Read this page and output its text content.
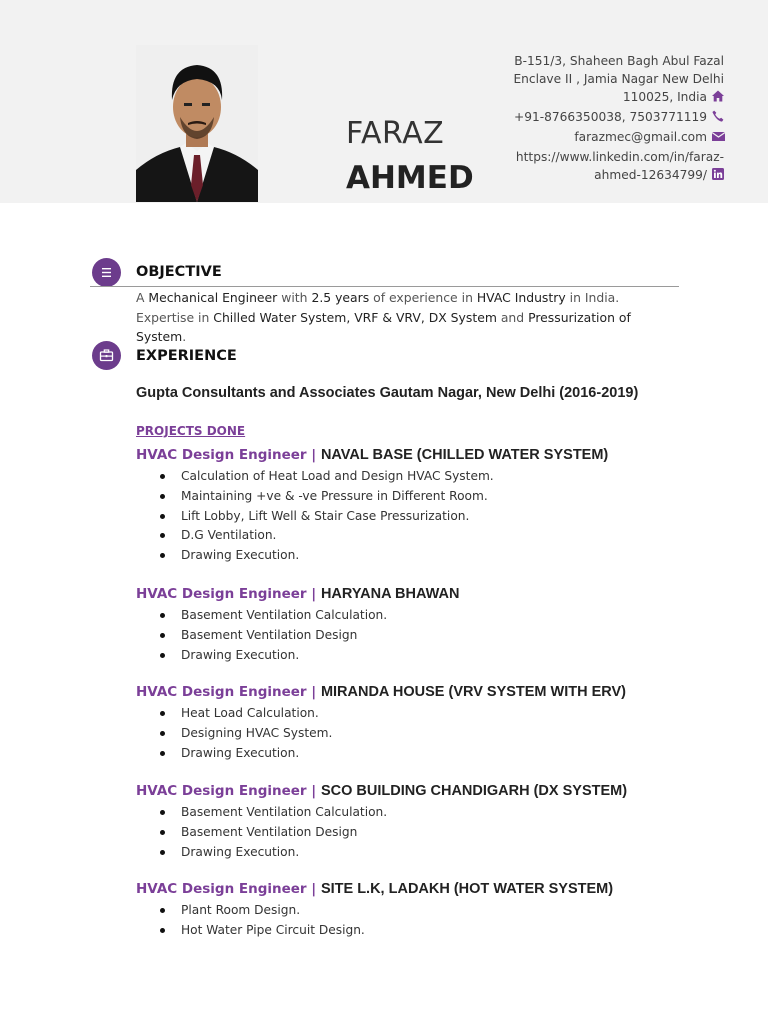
FARAZ
AHMED
B-151/3, Shaheen Bagh Abul Fazal
Enclave II , Jamia Nagar New Delhi
110025, India
+91-8766350038, 7503771119
farazmec@gmail.com
https://www.linkedin.com/in/faraz-
ahmed-12634799/
OBJECTIVE
A Mechanical Engineer with 2.5 years of experience in HVAC Industry in India. Expertise in Chilled Water System, VRF & VRV, DX System and Pressurization of System.
EXPERIENCE
Gupta Consultants and Associates Gautam Nagar, New Delhi (2016-2019)
PROJECTS DONE
HVAC Design Engineer | NAVAL BASE (CHILLED WATER SYSTEM)
Calculation of Heat Load and Design HVAC System.
Maintaining +ve & -ve Pressure in Different Room.
Lift Lobby, Lift Well & Stair Case Pressurization.
D.G Ventilation.
Drawing Execution.
HVAC Design Engineer | HARYANA BHAWAN
Basement Ventilation Calculation.
Basement Ventilation Design
Drawing Execution.
HVAC Design Engineer | MIRANDA HOUSE (VRV SYSTEM WITH ERV)
Heat Load Calculation.
Designing HVAC System.
Drawing Execution.
HVAC Design Engineer | SCO BUILDING CHANDIGARH (DX SYSTEM)
Basement Ventilation Calculation.
Basement Ventilation Design
Drawing Execution.
HVAC Design Engineer | SITE L.K, LADAKH (HOT WATER SYSTEM)
Plant Room Design.
Hot Water Pipe Circuit Design.
